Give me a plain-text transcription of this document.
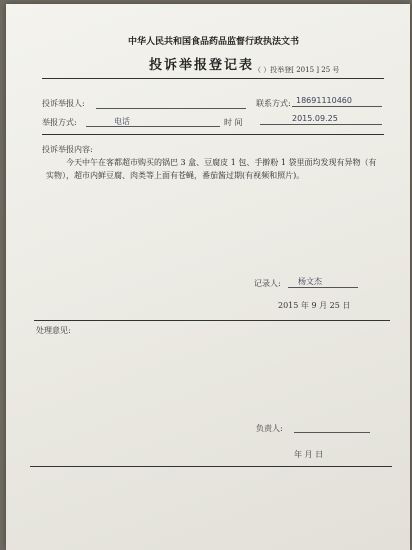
中华人民共和国食品药品监督行政执法文书
投诉举报登记表 （ ）投举登[ 2015 ] 25 号
投诉举报人:	联系方式: 18691110460
举报方式:	电话	时 间	2015.09.25
投诉举报内容:
今天中午在客都超市购买的锅巴 3 盒、豆腐皮 1 包、手擀粉 1 袋里面均发现有异物（有实物），超市内鲜豆腐、肉类等上面有苍蝇，番茄酱过期(有视频和照片)。
记录人: 杨文杰
2015 年 9 月 25 日
处理意见:
负责人:
年 月 日
